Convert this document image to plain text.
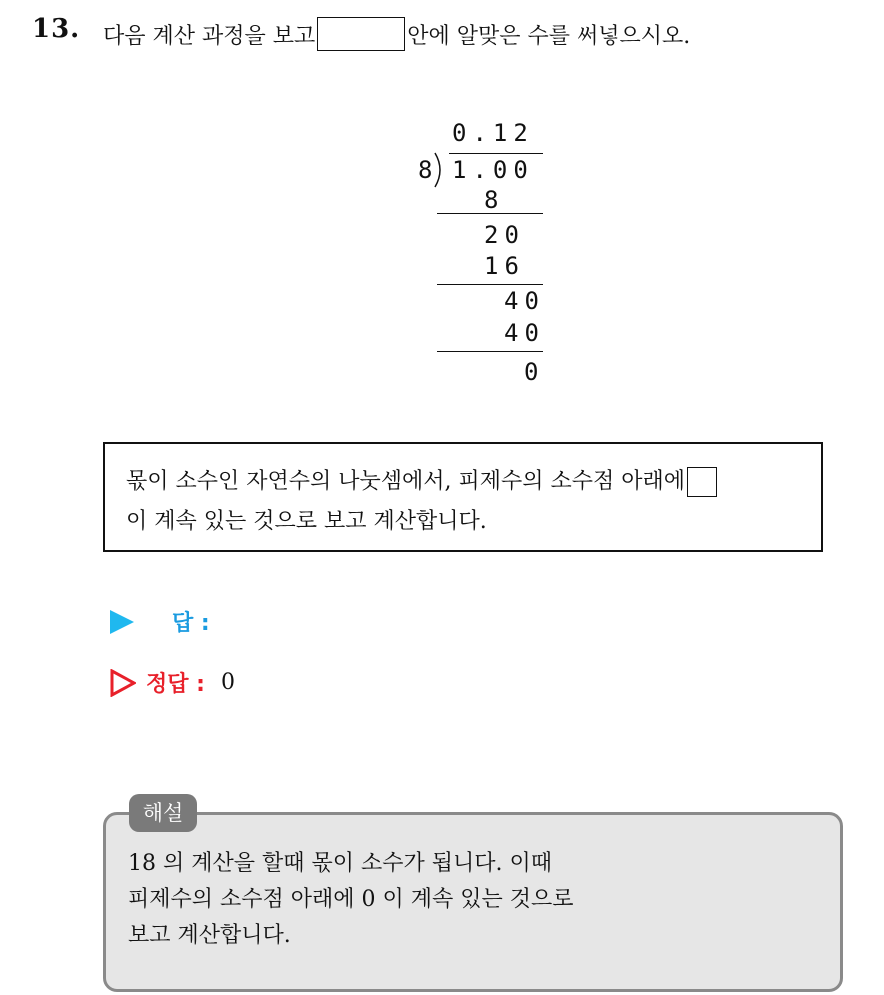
13. 다음 계산 과정을 보고	안에 알맞은 수를 써넣으시오.
0.12
8 1.00
8
20
16
40
40
0
몫이 소수인 자연수의 나눗셈에서, 피제수의 소수점 아래에
이 계속 있는 것으로 보고 계산합니다.
답 :
정답 : 0
해설
18 의 계산을 할때 몫이 소수가 됩니다. 이때
피제수의 소수점 아래에 0 이 계속 있는 것으로
보고 계산합니다.
